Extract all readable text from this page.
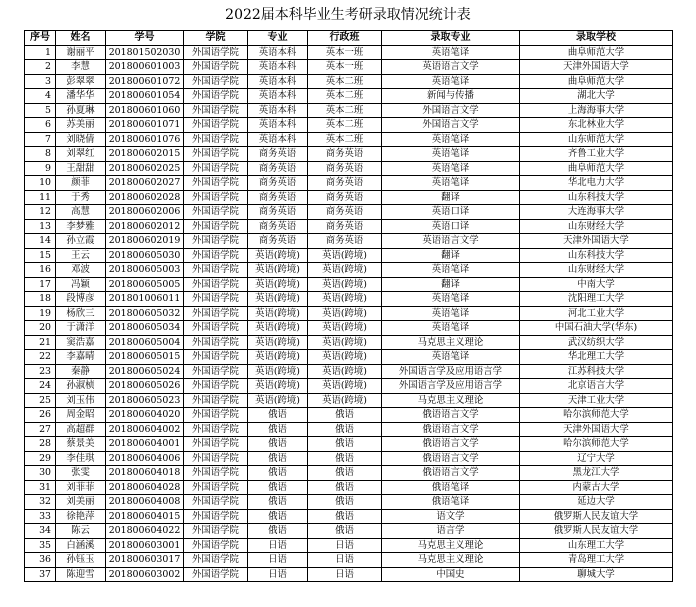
2022届本科毕业生考研录取情况统计表
序号	姓名	学号	学院	专业	行政班	录取专业	录取学校
1	谢丽平	201801502030	外国语学院	英语本科	英本一班	英语笔译	曲阜师范大学
2	李慧	201800601003	外国语学院	英语本科	英本一班	英语语言文学	天津外国语大学
3	彭翠翠	201800601072	外国语学院	英语本科	英本二班	英语笔译	曲阜师范大学
4	潘华华	201800601054	外国语学院	英语本科	英本二班	新闻与传播	湖北大学
5	孙夏琳	201800601060	外国语学院	英语本科	英本二班	外国语言文学	上海海事大学
6	苏美丽	201800601071	外国语学院	英语本科	英本二班	外国语言文学	东北林业大学
7	刘晓倩	201800601076	外国语学院	英语本科	英本二班	英语笔译	山东师范大学
8	刘翠红	201800602015	外国语学院	商务英语	商务英语	英语笔译	齐鲁工业大学
9	王甜甜	201800602025	外国语学院	商务英语	商务英语	英语笔译	曲阜师范大学
10	颜菲	201800602027	外国语学院	商务英语	商务英语	英语笔译	华北电力大学
11	于秀	201800602028	外国语学院	商务英语	商务英语	翻译	山东科技大学
12	高慧	201800602006	外国语学院	商务英语	商务英语	英语口译	大连海事大学
13	李梦雅	201800602012	外国语学院	商务英语	商务英语	英语口译	山东财经大学
14	孙立霞	201800602019	外国语学院	商务英语	商务英语	英语语言文学	天津外国语大学
15	王云	201800605030	外国语学院	英语(跨境)	英语(跨境)	翻译	山东科技大学
16	邓波	201800605003	外国语学院	英语(跨境)	英语(跨境)	英语笔译	山东财经大学
17	冯颖	201800605005	外国语学院	英语(跨境)	英语(跨境)	翻译	中南大学
18	段博彦	201801006011	外国语学院	英语(跨境)	英语(跨境)	英语笔译	沈阳理工大学
19	杨欣三	201800605032	外国语学院	英语(跨境)	英语(跨境)	英语笔译	河北工业大学
20	于潇洋	201800605034	外国语学院	英语(跨境)	英语(跨境)	英语笔译	中国石油大学(华东)
21	窦浩嘉	201800605004	外国语学院	英语(跨境)	英语(跨境)	马克思主义理论	武汉纺织大学
22	李嘉晴	201800605015	外国语学院	英语(跨境)	英语(跨境)	英语笔译	华北理工大学
23	秦静	201800605024	外国语学院	英语(跨境)	英语(跨境)	外国语言学及应用语言学	江苏科技大学
24	孙淑桢	201800605026	外国语学院	英语(跨境)	英语(跨境)	外国语言学及应用语言学	北京语言大学
25	刘玉伟	201800605023	外国语学院	英语(跨境)	英语(跨境)	马克思主义理论	天津工业大学
26	周金昭	201800604020	外国语学院	俄语	俄语	俄语语言文学	哈尔滨师范大学
27	高超群	201800604002	外国语学院	俄语	俄语	俄语语言文学	天津外国语大学
28	蔡景美	201800604001	外国语学院	俄语	俄语	俄语语言文学	哈尔滨师范大学
29	李佳琪	201800604006	外国语学院	俄语	俄语	俄语语言文学	辽宁大学
30	张雯	201800604018	外国语学院	俄语	俄语	俄语语言文学	黑龙江大学
31	刘菲菲	201800604028	外国语学院	俄语	俄语	俄语笔译	内蒙古大学
32	刘美丽	201800604008	外国语学院	俄语	俄语	俄语笔译	延边大学
33	徐艳萍	201800604015	外国语学院	俄语	俄语	语文学	俄罗斯人民友谊大学
34	陈云	201800604022	外国语学院	俄语	俄语	语言学	俄罗斯人民友谊大学
35	白涵溪	201800603001	外国语学院	日语	日语	马克思主义理论	山东理工大学
36	孙钰玉	201800603017	外国语学院	日语	日语	马克思主义理论	青岛理工大学
37	陈迎雪	201800603002	外国语学院	日语	日语	中国史	聊城大学
